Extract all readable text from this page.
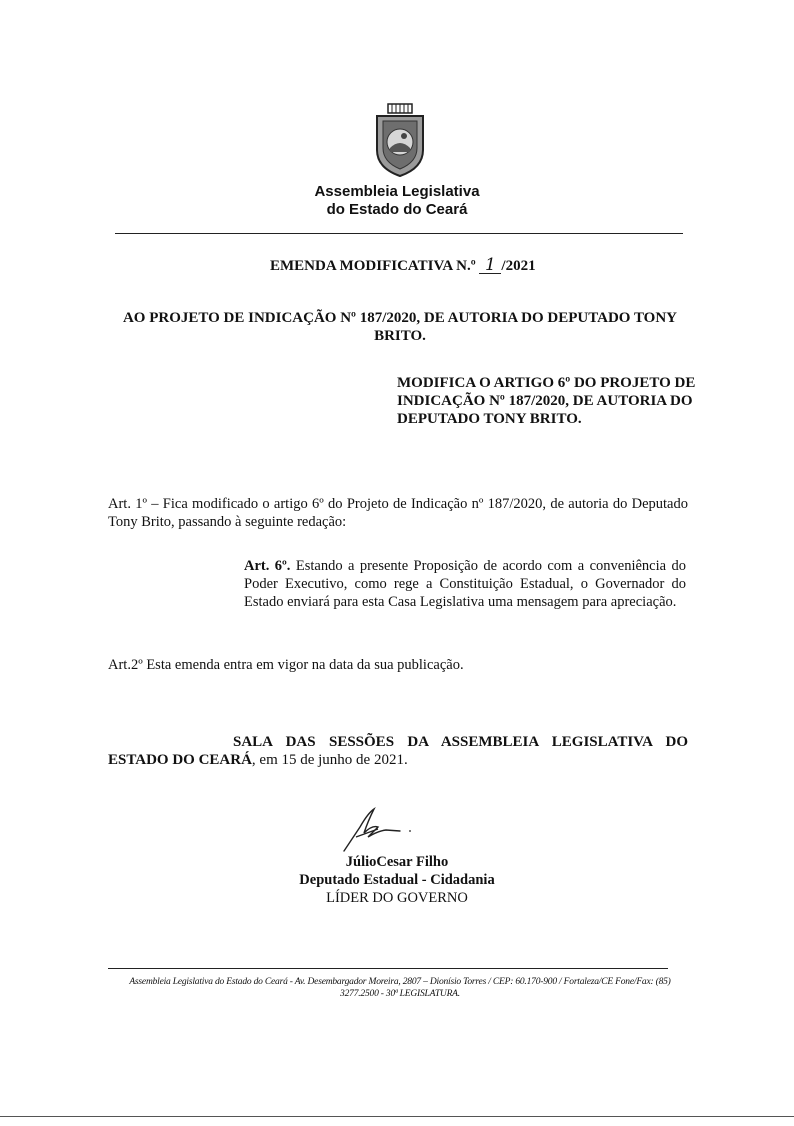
Assembleia Legislativa
do Estado do Ceará
EMENDA MODIFICATIVA N.º 1 /2021
AO PROJETO DE INDICAÇÃO Nº 187/2020, DE AUTORIA DO DEPUTADO TONY BRITO.
MODIFICA O ARTIGO 6º DO PROJETO DE INDICAÇÃO Nº 187/2020, DE AUTORIA DO DEPUTADO TONY BRITO.
Art. 1º – Fica modificado o artigo 6º do Projeto de Indicação nº 187/2020, de autoria do Deputado Tony Brito, passando à seguinte redação:
Art. 6º. Estando a presente Proposição de acordo com a conveniência do Poder Executivo, como rege a Constituição Estadual, o Governador do Estado enviará para esta Casa Legislativa uma mensagem para apreciação.
Art.2º Esta emenda entra em vigor na data da sua publicação.
SALA DAS SESSÕES DA ASSEMBLEIA LEGISLATIVA DO ESTADO DO CEARÁ, em 15 de junho de 2021.
JúlioCesar Filho
Deputado Estadual - Cidadania
LÍDER DO GOVERNO
Assembleia Legislativa do Estado do Ceará - Av. Desembargador Moreira, 2807 – Dionísio Torres / CEP: 60.170-900 / Fortaleza/CE Fone/Fax: (85) 3277.2500 - 30ª LEGISLATURA.
